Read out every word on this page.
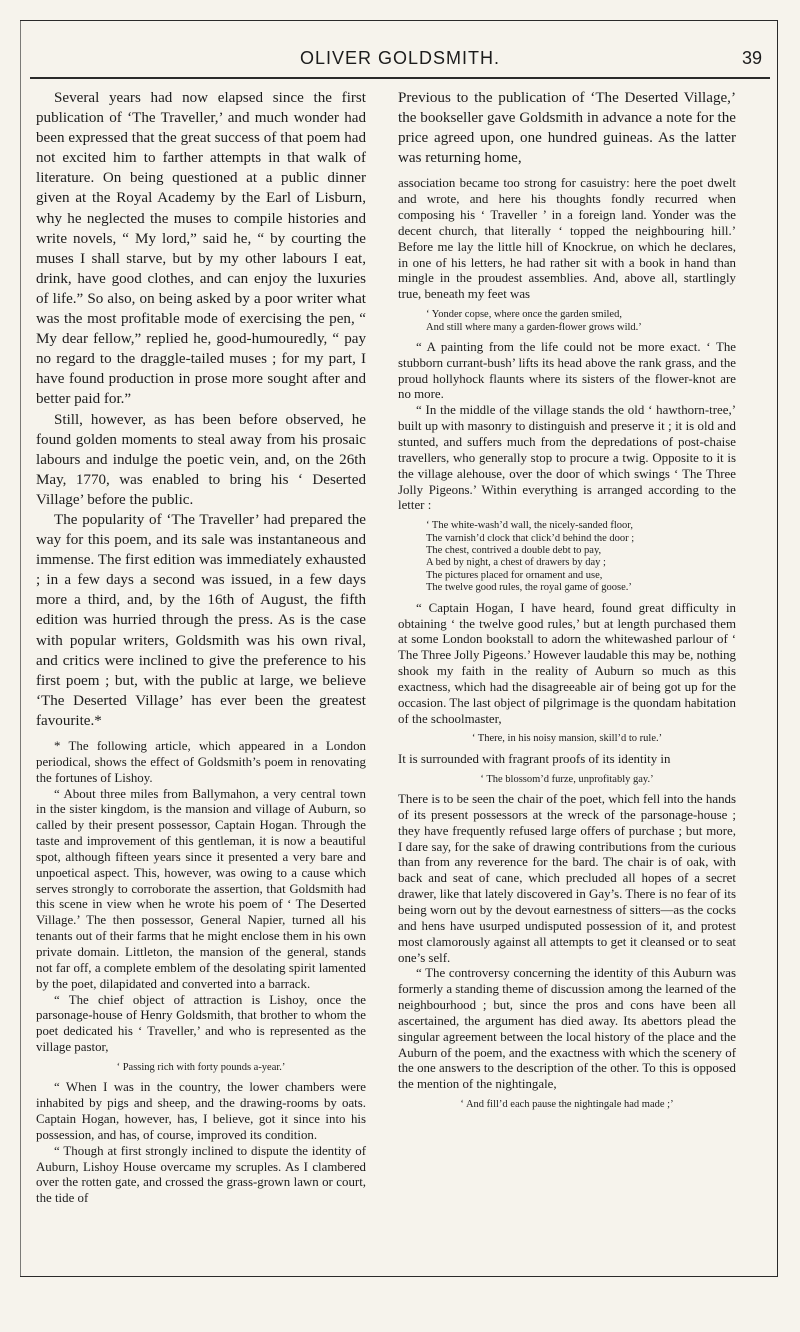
OLIVER GOLDSMITH.	39

Several years had now elapsed since the first publication of ‘The Traveller,’ and much wonder had been expressed that the great success of that poem had not excited him to farther attempts in that walk of literature. On being questioned at a public dinner given at the Royal Academy by the Earl of Lisburn, why he neglected the muses to compile histories and write novels, “ My lord,” said he, “ by courting the muses I shall starve, but by my other labours I eat, drink, have good clothes, and can enjoy the luxuries of life.” So also, on being asked by a poor writer what was the most profitable mode of exercising the pen, “ My dear fellow,” replied he, good-humouredly, “ pay no regard to the draggle-tailed muses ; for my part, I have found production in prose more sought after and better paid for.”

Still, however, as has been before observed, he found golden moments to steal away from his prosaic labours and indulge the poetic vein, and, on the 26th May, 1770, was enabled to bring his ‘ Deserted Village’ before the public.

The popularity of ‘The Traveller’ had prepared the way for this poem, and its sale was instantaneous and immense. The first edition was immediately exhausted ; in a few days a second was issued, in a few days more a third, and, by the 16th of August, the fifth edition was hurried through the press. As is the case with popular writers, Goldsmith was his own rival, and critics were inclined to give the preference to his first poem ; but, with the public at large, we believe ‘The Deserted Village’ has ever been the greatest favourite.*

* The following article, which appeared in a London periodical, shows the effect of Goldsmith’s poem in renovating the fortunes of Lishoy.

“ About three miles from Ballymahon, a very central town in the sister kingdom, is the mansion and village of Auburn, so called by their present possessor, Captain Hogan. Through the taste and improvement of this gentleman, it is now a beautiful spot, although fifteen years since it presented a very bare and unpoetical aspect. This, however, was owing to a cause which serves strongly to corroborate the assertion, that Goldsmith had this scene in view when he wrote his poem of ‘ The Deserted Village.’ The then possessor, General Napier, turned all his tenants out of their farms that he might enclose them in his own private domain. Littleton, the mansion of the general, stands not far off, a complete emblem of the desolating spirit lamented by the poet, dilapidated and converted into a barrack.

“ The chief object of attraction is Lishoy, once the parsonage-house of Henry Goldsmith, that brother to whom the poet dedicated his ‘ Traveller,’ and who is represented as the village pastor,

‘ Passing rich with forty pounds a-year.’

“ When I was in the country, the lower chambers were inhabited by pigs and sheep, and the drawing-rooms by oats. Captain Hogan, however, has, I believe, got it since into his possession, and has, of course, improved its condition.

“ Though at first strongly inclined to dispute the identity of Auburn, Lishoy House overcame my scruples. As I clambered over the rotten gate, and crossed the grass-grown lawn or court, the tide of

Previous to the publication of ‘The Deserted Village,’ the bookseller gave Goldsmith in advance a note for the price agreed upon, one hundred guineas. As the latter was returning home,

association became too strong for casuistry: here the poet dwelt and wrote, and here his thoughts fondly recurred when composing his ‘ Traveller ’ in a foreign land. Yonder was the decent church, that literally ‘ topped the neighbouring hill.’ Before me lay the little hill of Knockrue, on which he declares, in one of his letters, he had rather sit with a book in hand than mingle in the proudest assemblies. And, above all, startlingly true, beneath my feet was

‘ Yonder copse, where once the garden smiled,
And still where many a garden-flower grows wild.’

“ A painting from the life could not be more exact. ‘ The stubborn currant-bush’ lifts its head above the rank grass, and the proud hollyhock flaunts where its sisters of the flower-knot are no more.

“ In the middle of the village stands the old ‘ hawthorn-tree,’ built up with masonry to distinguish and preserve it ; it is old and stunted, and suffers much from the depredations of post-chaise travellers, who generally stop to procure a twig. Opposite to it is the village alehouse, over the door of which swings ‘ The Three Jolly Pigeons.’ Within everything is arranged according to the letter :

‘ The white-wash’d wall, the nicely-sanded floor,
The varnish’d clock that click’d behind the door ;
The chest, contrived a double debt to pay,
A bed by night, a chest of drawers by day ;
The pictures placed for ornament and use,
The twelve good rules, the royal game of goose.’

“ Captain Hogan, I have heard, found great difficulty in obtaining ‘ the twelve good rules,’ but at length purchased them at some London bookstall to adorn the whitewashed parlour of ‘ The Three Jolly Pigeons.’ However laudable this may be, nothing shook my faith in the reality of Auburn so much as this exactness, which had the disagreeable air of being got up for the occasion. The last object of pilgrimage is the quondam habitation of the schoolmaster,

‘ There, in his noisy mansion, skill’d to rule.’

It is surrounded with fragrant proofs of its identity in

‘ The blossom’d furze, unprofitably gay.’

There is to be seen the chair of the poet, which fell into the hands of its present possessors at the wreck of the parsonage-house ; they have frequently refused large offers of purchase ; but more, I dare say, for the sake of drawing contributions from the curious than from any reverence for the bard. The chair is of oak, with back and seat of cane, which precluded all hopes of a secret drawer, like that lately discovered in Gay’s. There is no fear of its being worn out by the devout earnestness of sitters—as the cocks and hens have usurped undisputed possession of it, and protest most clamorously against all attempts to get it cleansed or to seat one’s self.

“ The controversy concerning the identity of this Auburn was formerly a standing theme of discussion among the learned of the neighbourhood ; but, since the pros and cons have been all ascertained, the argument has died away. Its abettors plead the singular agreement between the local history of the place and the Auburn of the poem, and the exactness with which the scenery of the one answers to the description of the other. To this is opposed the mention of the nightingale,

‘ And fill’d each pause the nightingale had made ;’
